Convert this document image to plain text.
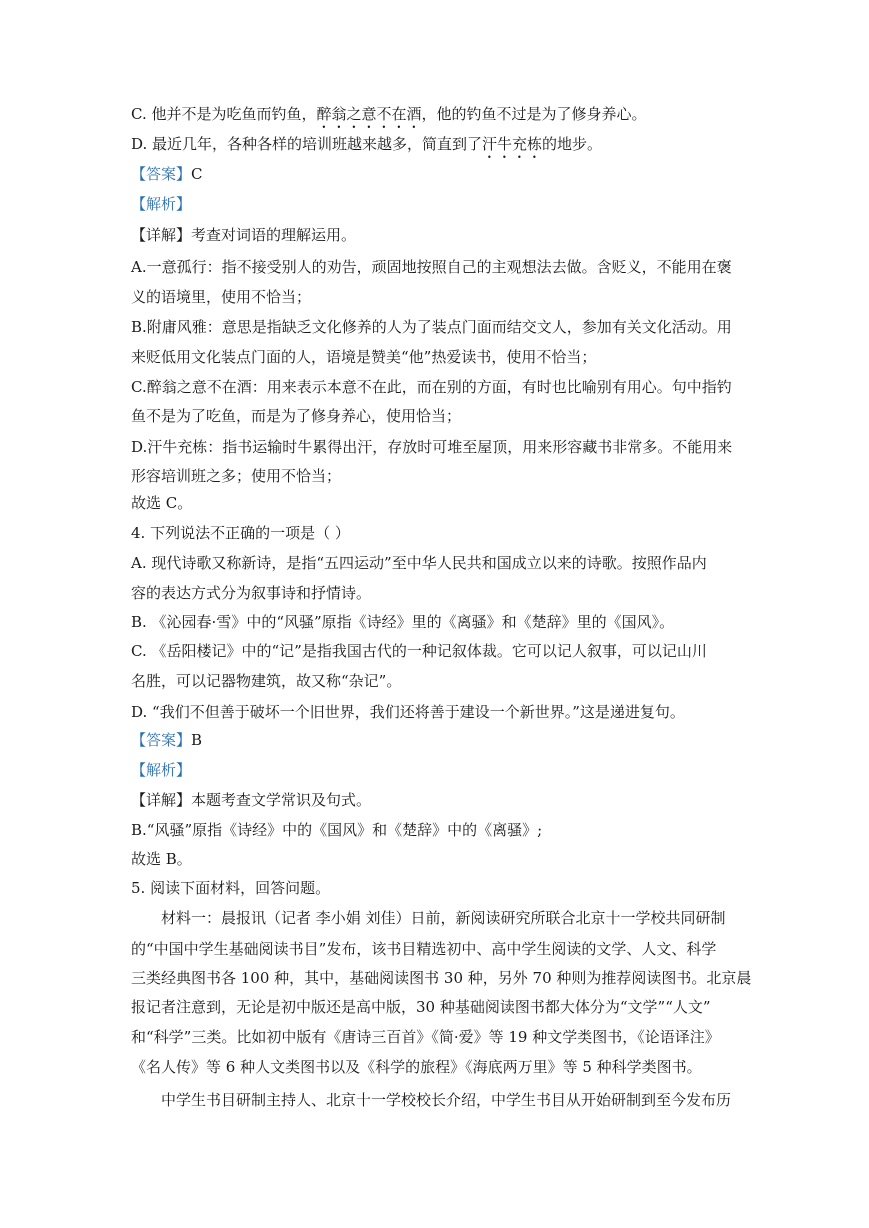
C. 他并不是为吃鱼而钓鱼，醉翁之意不在酒，他的钓鱼不过是为了修身养心。
D. 最近几年，各种各样的培训班越来越多，简直到了汗牛充栋的地步。
【答案】C
【解析】
【详解】考查对词语的理解运用。
A.一意孤行：指不接受别人的劝告，顽固地按照自己的主观想法去做。含贬义，不能用在褒
义的语境里，使用不恰当；
B.附庸风雅：意思是指缺乏文化修养的人为了装点门面而结交文人，参加有关文化活动。用
来贬低用文化装点门面的人，语境是赞美“他”热爱读书，使用不恰当；
C.醉翁之意不在酒：用来表示本意不在此，而在别的方面，有时也比喻别有用心。句中指钓
鱼不是为了吃鱼，而是为了修身养心，使用恰当；
D.汗牛充栋：指书运输时牛累得出汗，存放时可堆至屋顶，用来形容藏书非常多。不能用来
形容培训班之多；使用不恰当；
故选 C。
4. 下列说法不正确的一项是（ ）
A. 现代诗歌又称新诗，是指“五四运动”至中华人民共和国成立以来的诗歌。按照作品内
容的表达方式分为叙事诗和抒情诗。
B. 《沁园春·雪》中的“风骚”原指《诗经》里的《离骚》和《楚辞》里的《国风》。
C. 《岳阳楼记》中的“记”是指我国古代的一种记叙体裁。它可以记人叙事，可以记山川
名胜，可以记器物建筑，故又称“杂记”。
D. “我们不但善于破坏一个旧世界，我们还将善于建设一个新世界。”这是递进复句。
【答案】B
【解析】
【详解】本题考查文学常识及句式。
B.“风骚”原指《诗经》中的《国风》和《楚辞》中的《离骚》;
故选 B。
5. 阅读下面材料，回答问题。
材料一：晨报讯（记者 李小娟 刘佳）日前，新阅读研究所联合北京十一学校共同研制
的“中国中学生基础阅读书目”发布，该书目精选初中、高中学生阅读的文学、人文、科学
三类经典图书各 100 种，其中，基础阅读图书 30 种，另外 70 种则为推荐阅读图书。北京晨
报记者注意到，无论是初中版还是高中版，30 种基础阅读图书都大体分为“文学”“人文”
和“科学”三类。比如初中版有《唐诗三百首》《简·爱》等 19 种文学类图书，《论语译注》
《名人传》等 6 种人文类图书以及《科学的旅程》《海底两万里》等 5 种科学类图书。
中学生书目研制主持人、北京十一学校校长介绍，中学生书目从开始研制到至今发布历
